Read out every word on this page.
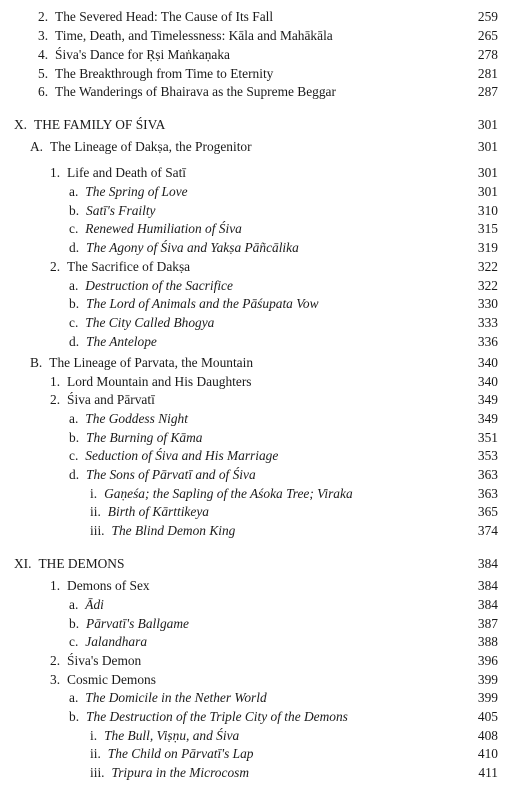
2. The Severed Head: The Cause of Its Fall	259
3. Time, Death, and Timelessness: Kāla and Mahākāla	265
4. Śiva's Dance for Ṛṣi Maṅkaṇaka	278
5. The Breakthrough from Time to Eternity	281
6. The Wanderings of Bhairava as the Supreme Beggar	287
X. THE FAMILY OF ŚIVA	301
A. The Lineage of Dakṣa, the Progenitor	301
1. Life and Death of Satī	301
a. The Spring of Love	301
b. Satī's Frailty	310
c. Renewed Humiliation of Śiva	315
d. The Agony of Śiva and Yakṣa Pāñcālika	319
2. The Sacrifice of Dakṣa	322
a. Destruction of the Sacrifice	322
b. The Lord of Animals and the Pāśupata Vow	330
c. The City Called Bhogya	333
d. The Antelope	336
B. The Lineage of Parvata, the Mountain	340
1. Lord Mountain and His Daughters	340
2. Śiva and Pārvatī	349
a. The Goddess Night	349
b. The Burning of Kāma	351
c. Seduction of Śiva and His Marriage	353
d. The Sons of Pārvatī and of Śiva	363
i. Gaṇeśa; the Sapling of the Aśoka Tree; Viraka	363
ii. Birth of Kārttikeya	365
iii. The Blind Demon King	374
XI. THE DEMONS	384
1. Demons of Sex	384
a. Ādi	384
b. Pārvatī's Ballgame	387
c. Jalandhara	388
2. Śiva's Demon	396
3. Cosmic Demons	399
a. The Domicile in the Nether World	399
b. The Destruction of the Triple City of the Demons	405
i. The Bull, Viṣṇu, and Śiva	408
ii. The Child on Pārvatī's Lap	410
iii. Tripura in the Microcosm	411
